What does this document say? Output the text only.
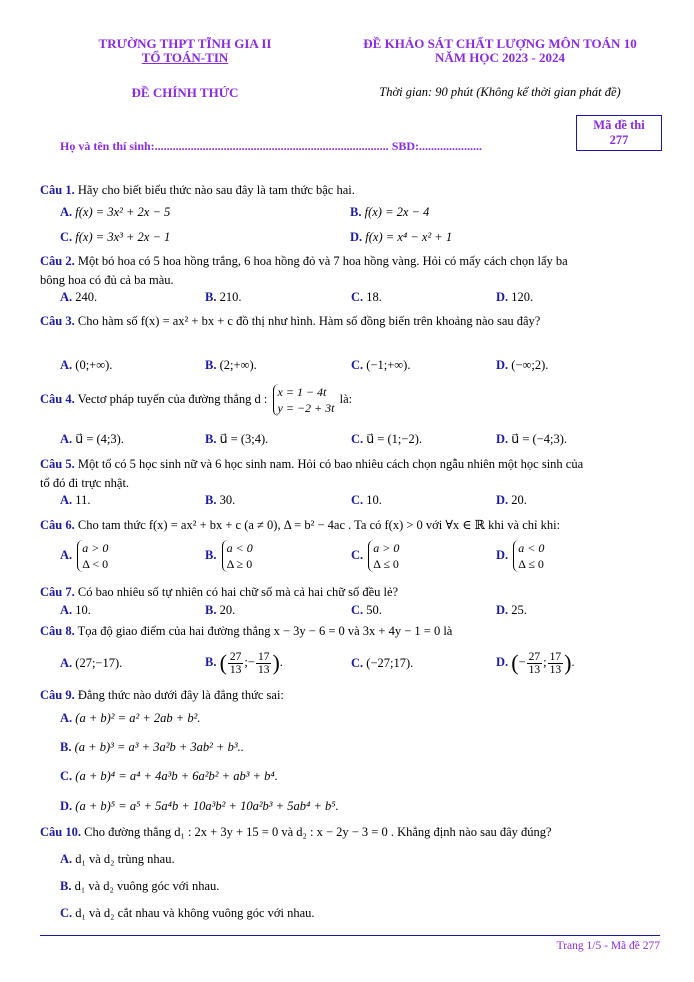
TRƯỜNG THPT TĨNH GIA II
TỔ TOÁN-TIN
ĐỀ KHẢO SÁT CHẤT LƯỢNG MÔN TOÁN 10
NĂM HỌC 2023 - 2024
ĐỀ CHÍNH THỨC	Thời gian: 90 phút (Không kể thời gian phát đề)
Họ và tên thí sinh:.............................................................................. SBD:.....................
Mã đề thi
277
Câu 1. Hãy cho biết biểu thức nào sau đây là tam thức bậc hai.
A. f(x) = 3x² + 2x − 5	B. f(x) = 2x − 4
C. f(x) = 3x³ + 2x − 1	D. f(x) = x⁴ − x² + 1
Câu 2. Một bó hoa có 5 hoa hồng trắng, 6 hoa hồng đỏ và 7 hoa hồng vàng. Hỏi có mấy cách chọn lấy ba
bông hoa có đủ cả ba màu.
A. 240.	B. 210.	C. 18.	D. 120.
Câu 3. Cho hàm số f(x) = ax² + bx + c đồ thị như hình. Hàm số đồng biến trên khoảng nào sau đây?
A. (0;+∞).	B. (2;+∞).	C. (−1;+∞).	D. (−∞;2).
Câu 4. Vectơ pháp tuyến của đường thẳng d : x = 1 − 4t
y = −2 + 3t là:
A. u⃗ = (4;3).	B. u⃗ = (3;4).	C. u⃗ = (1;−2).	D. u⃗ = (−4;3).
Câu 5. Một tổ có 5 học sinh nữ và 6 học sinh nam. Hỏi có bao nhiêu cách chọn ngẫu nhiên một học sinh của
tổ đó đi trực nhật.
A. 11.	B. 30.	C. 10.	D. 20.
Câu 6. Cho tam thức f(x) = ax² + bx + c (a ≠ 0), Δ = b² − 4ac . Ta có f(x) > 0 với ∀x ∈ ℝ khi và chỉ khi:
A. a > 0
Δ < 0
B. a < 0
Δ ≥ 0
C. a > 0
Δ ≤ 0
D. a < 0
Δ ≤ 0
Câu 7. Có bao nhiêu số tự nhiên có hai chữ số mà cả hai chữ số đều lẻ?
A. 10.	B. 20.	C. 50.	D. 25.
Câu 8. Tọa độ giao điểm của hai đường thẳng x − 3y − 6 = 0 và 3x + 4y − 1 = 0 là
A. (27;−17).	B. ( $\frac{27}{13}$ ;− $\frac{17}{13}$ ).	C. (−27;17).	D. (− $\frac{27}{13}$ ; $\frac{17}{13}$ ).
Câu 9. Đẳng thức nào dưới đây là đẳng thức sai:
A. (a + b)² = a² + 2ab + b².
B. (a + b)³ = a³ + 3a²b + 3ab² + b³..
C. (a + b)⁴ = a⁴ + 4a³b + 6a²b² + ab³ + b⁴.
D. (a + b)⁵ = a⁵ + 5a⁴b + 10a³b² + 10a²b³ + 5ab⁴ + b⁵.
Câu 10. Cho đường thẳng d₁ : 2x + 3y + 15 = 0 và d₂ : x − 2y − 3 = 0 . Khẳng định nào sau đây đúng?
A. d₁ và d₂ trùng nhau.
B. d₁ và d₂ vuông góc với nhau.
C. d₁ và d₂ cắt nhau và không vuông góc với nhau.
Trang 1/5 - Mã đề 277
